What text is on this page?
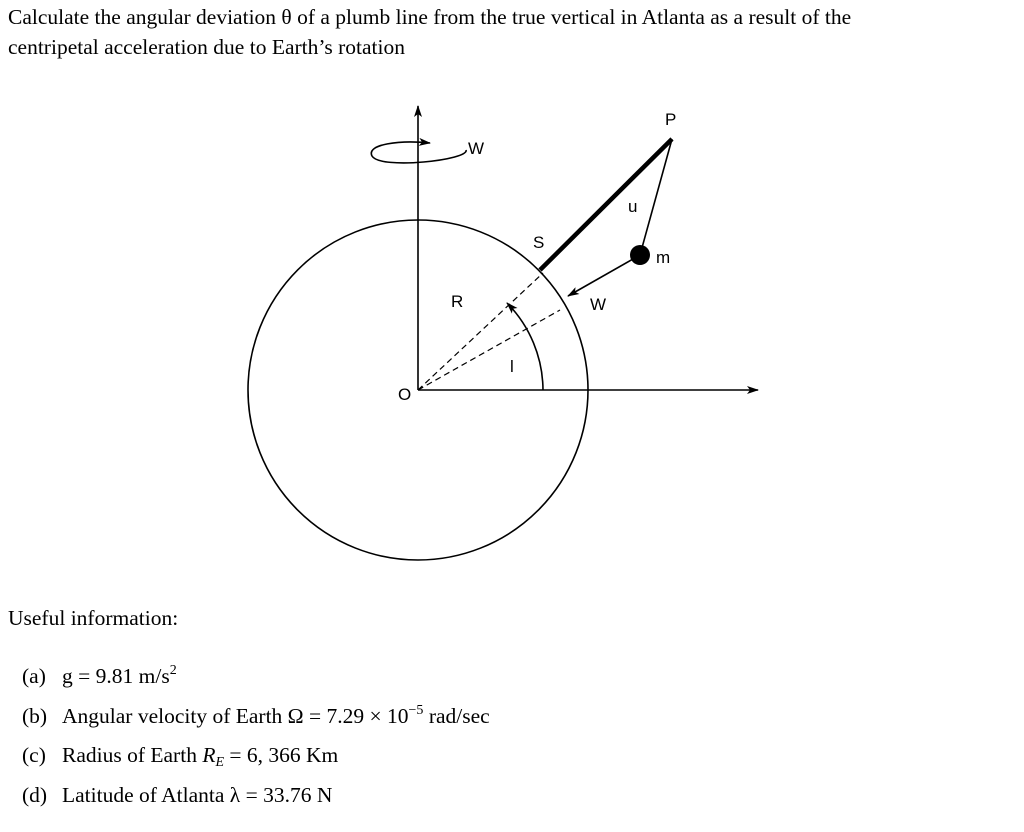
Calculate the angular deviation θ of a plumb line from the true vertical in Atlanta as a result of the
centripetal acceleration due to Earth’s rotation

W
P
u
S
m
R	W
l
O

Useful information:

(a) g = 9.81 $m/s^2$
(b) Angular velocity of Earth $\Omega = 7.29 \times 10^{-5}$ rad/sec
(c) Radius of Earth $R_E = 6$, 366 Km
(d) Latitude of Atlanta λ = 33.76 N
